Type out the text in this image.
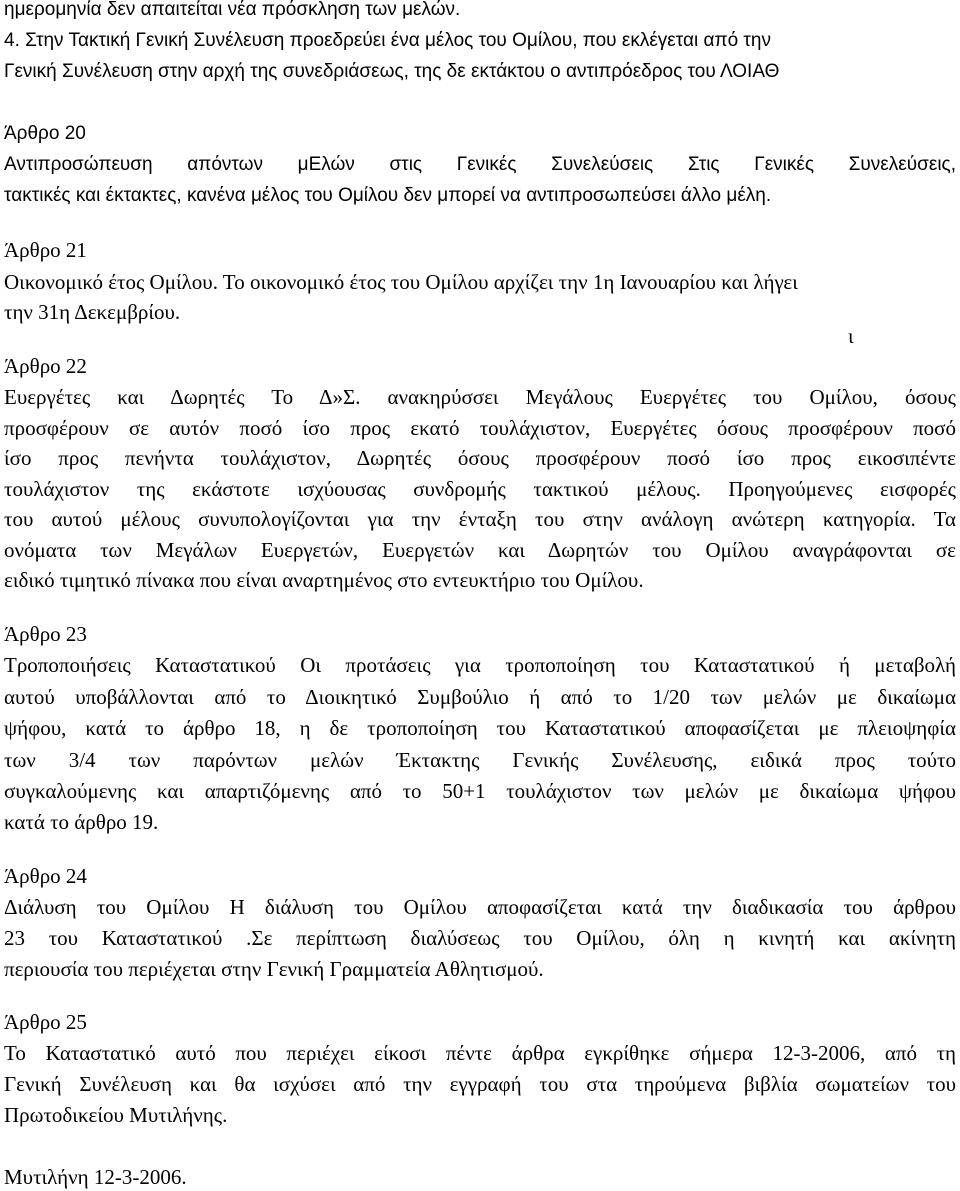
ημερομηνία δεν απαιτείται νέα πρόσκληση των μελών.
4. Στην Τακτική Γενική Συνέλευση προεδρεύει ένα μέλος του Ομίλου, που εκλέγεται από την
Γενική Συνέλευση στην αρχή της συνεδριάσεως, της δε εκτάκτου ο αντιπρόεδρος του ΛΟΙΑΘ
Άρθρο 20
Αντιπροσώπευση απόντων μΕλών στις Γενικές Συνελεύσεις Στις Γενικές Συνελεύσεις,
τακτικές και έκτακτες, κανένα μέλος του Ομίλου δεν μπορεί να αντιπροσωπεύσει άλλο μέλη.
Άρθρο 21
Οικονομικό έτος Ομίλου. Το οικονομικό έτος του Ομίλου αρχίζει την 1η Ιανουαρίου και λήγει
την 31η Δεκεμβρίου.
ι
Άρθρο 22
Ευεργέτες και Δωρητές Το Δ»Σ. ανακηρύσσει Μεγάλους Ευεργέτες του Ομίλου, όσους
προσφέρουν σε αυτόν ποσό ίσο προς εκατό τουλάχιστον, Ευεργέτες όσους προσφέρουν ποσό
ίσο προς πενήντα τουλάχιστον, Δωρητές όσους προσφέρουν ποσό ίσο προς εικοσιπέντε
τουλάχιστον της εκάστοτε ισχύουσας συνδρομής τακτικού μέλους. Προηγούμενες εισφορές
του αυτού μέλους συνυπολογίζονται για την ένταξη του στην ανάλογη ανώτερη κατηγορία. Τα
ονόματα των Μεγάλων Ευεργετών, Ευεργετών και Δωρητών του Ομίλου αναγράφονται σε
ειδικό τιμητικό πίνακα που είναι αναρτημένος στο εντευκτήριο του Ομίλου.
Άρθρο 23
Τροποποιήσεις Καταστατικού Οι προτάσεις για τροποποίηση του Καταστατικού ή μεταβολή
αυτού υποβάλλονται από το Διοικητικό Συμβούλιο ή από το 1/20 των μελών με δικαίωμα
ψήφου, κατά το άρθρο 18, η δε τροποποίηση του Καταστατικού αποφασίζεται με πλειοψηφία
των 3/4 των παρόντων μελών Έκτακτης Γενικής Συνέλευσης, ειδικά προς τούτο
συγκαλούμενης και απαρτιζόμενης από το 50+1 τουλάχιστον των μελών με δικαίωμα ψήφου
κατά το άρθρο 19.
Άρθρο 24
Διάλυση του Ομίλου Η διάλυση του Ομίλου αποφασίζεται κατά την διαδικασία του άρθρου
23 του Καταστατικού .Σε περίπτωση διαλύσεως του Ομίλου, όλη η κινητή και ακίνητη
περιουσία του περιέχεται στην Γενική Γραμματεία Αθλητισμού.
Άρθρο 25
Το Καταστατικό αυτό που περιέχει είκοσι πέντε άρθρα εγκρίθηκε σήμερα 12-3-2006, από τη
Γενική Συνέλευση και θα ισχύσει από την εγγραφή του στα τηρούμενα βιβλία σωματείων του
Πρωτοδικείου Μυτιλήνης.
Μυτιλήνη 12-3-2006.
